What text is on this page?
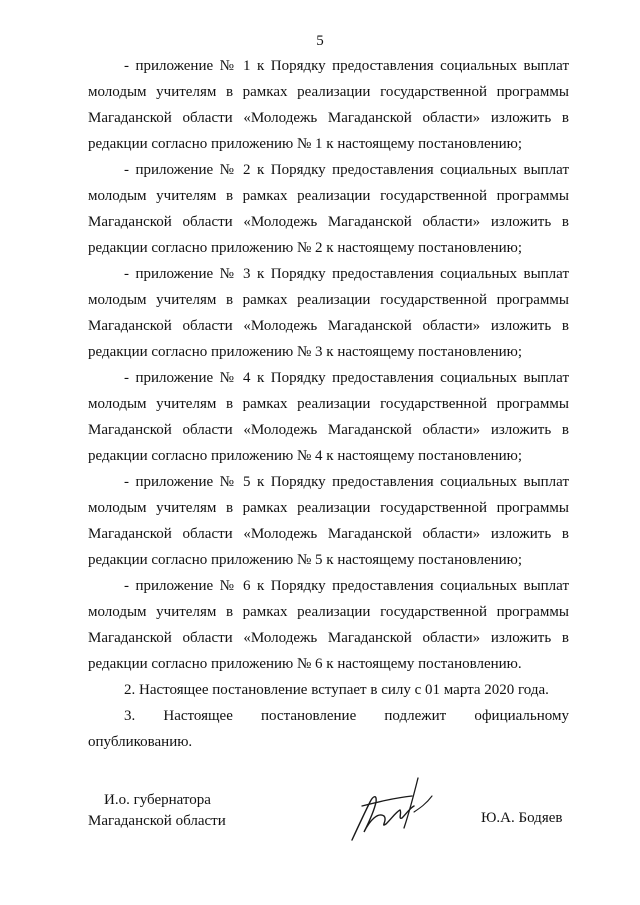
5

- приложение № 1 к Порядку предоставления социальных выплат молодым учителям в рамках реализации государственной программы Магаданской области «Молодежь Магаданской области» изложить в редакции согласно приложению № 1 к настоящему постановлению;

- приложение № 2 к Порядку предоставления социальных выплат молодым учителям в рамках реализации государственной программы Магаданской области «Молодежь Магаданской области» изложить в редакции согласно приложению № 2 к настоящему постановлению;

- приложение № 3 к Порядку предоставления социальных выплат молодым учителям в рамках реализации государственной программы Магаданской области «Молодежь Магаданской области» изложить в редакции согласно приложению № 3 к настоящему постановлению;

- приложение № 4 к Порядку предоставления социальных выплат молодым учителям в рамках реализации государственной программы Магаданской области «Молодежь Магаданской области» изложить в редакции согласно приложению № 4 к настоящему постановлению;

- приложение № 5 к Порядку предоставления социальных выплат молодым учителям в рамках реализации государственной программы Магаданской области «Молодежь Магаданской области» изложить в редакции согласно приложению № 5 к настоящему постановлению;

- приложение № 6 к Порядку предоставления социальных выплат молодым учителям в рамках реализации государственной программы Магаданской области «Молодежь Магаданской области» изложить в редакции согласно приложению № 6 к настоящему постановлению.

2. Настоящее постановление вступает в силу с 01 марта 2020 года.

3. Настоящее постановление подлежит официальному опубликованию.

И.о. губернатора
Магаданской области	Ю.А. Бодяев
